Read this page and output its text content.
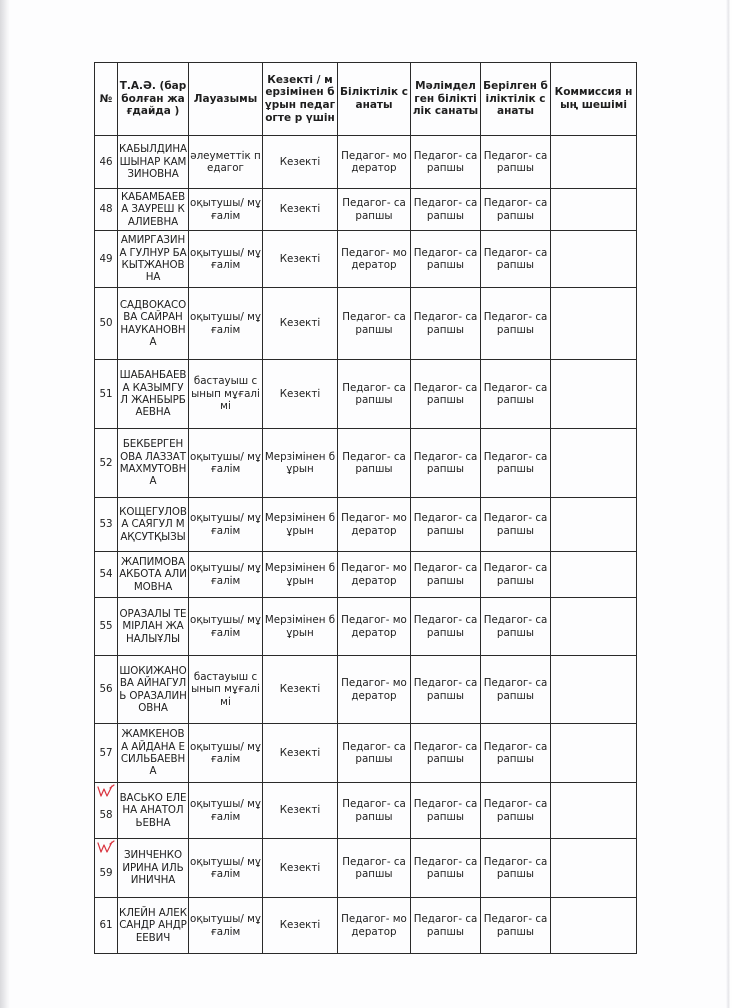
№	Т.А.Ә. (бар болған жағдайда )	Лауазымы	Кезекті / мерзімінен бұрын педагогте р үшін	Біліктілік санаты	Мәлімдел ген біліктілік санаты	Берілген біліктілік санаты	Коммиссия ның шешімі
46	КАБЫЛДИНА ШЫНАР КАМЗИНОВНА	әлеуметтік педагог	Кезекті	Педагог- модератор	Педагог- сарапшы	Педагог- сарапшы	
48	КАБАМБАЕВА ЗАУРЕШ КАЛИЕВНА	оқытушы/ мұғалім	Кезекті	Педагог- сарапшы	Педагог- сарапшы	Педагог- сарапшы	
49	АМИРГАЗИНА ГУЛНУР БАКЫТЖАНОВНА	оқытушы/ мұғалім	Кезекті	Педагог- модератор	Педагог- сарапшы	Педагог- сарапшы	
50	САДВОКАСОВА САЙРАН НАУКАНОВНА	оқытушы/ мұғалім	Кезекті	Педагог- сарапшы	Педагог- сарапшы	Педагог- сарапшы	
51	ШАБАНБАЕВА КАЗЫМГУЛ ЖАНБЫРБАЕВНА	бастауыш сынып мұғалімі	Кезекті	Педагог- сарапшы	Педагог- сарапшы	Педагог- сарапшы	
52	БЕКБЕРГЕНОВА ЛАЗЗАТ МАХМУТОВНА	оқытушы/ мұғалім	Мерзімінен бұрын	Педагог- сарапшы	Педагог- сарапшы	Педагог- сарапшы	
53	КОЩЕГУЛОВА САЯГУЛ МАҚСУТҚЫЗЫ	оқытушы/ мұғалім	Мерзімінен бұрын	Педагог- модератор	Педагог- сарапшы	Педагог- сарапшы	
54	ЖАПИМОВА АКБОТА АЛИМОВНА	оқытушы/ мұғалім	Мерзімінен бұрын	Педагог- модератор	Педагог- сарапшы	Педагог- сарапшы	
55	ОРАЗАЛЫ ТЕМІРЛАН ЖАНАЛЫҰЛЫ	оқытушы/ мұғалім	Мерзімінен бұрын	Педагог- модератор	Педагог- сарапшы	Педагог- сарапшы	
56	ШОКИЖАНОВА АЙНАГУЛЬ ОРАЗАЛИНОВНА	бастауыш сынып мұғалімі	Кезекті	Педагог- модератор	Педагог- сарапшы	Педагог- сарапшы	
57	ЖАМКЕНОВА АЙДАНА ЕСИЛЬБАЕВНА	оқытушы/ мұғалім	Кезекті	Педагог- сарапшы	Педагог- сарапшы	Педагог- сарапшы	
58	ВАСЬКО ЕЛЕНА АНАТОЛЬЕВНА	оқытушы/ мұғалім	Кезекті	Педагог- сарапшы	Педагог- сарапшы	Педагог- сарапшы	
59	ЗИНЧЕНКО ИРИНА ИЛЬИНИЧНА	оқытушы/ мұғалім	Кезекті	Педагог- сарапшы	Педагог- сарапшы	Педагог- сарапшы	
61	КЛЕЙН АЛЕКСАНДР АНДРЕЕВИЧ	оқытушы/ мұғалім	Кезекті	Педагог- модератор	Педагог- сарапшы	Педагог- сарапшы	
